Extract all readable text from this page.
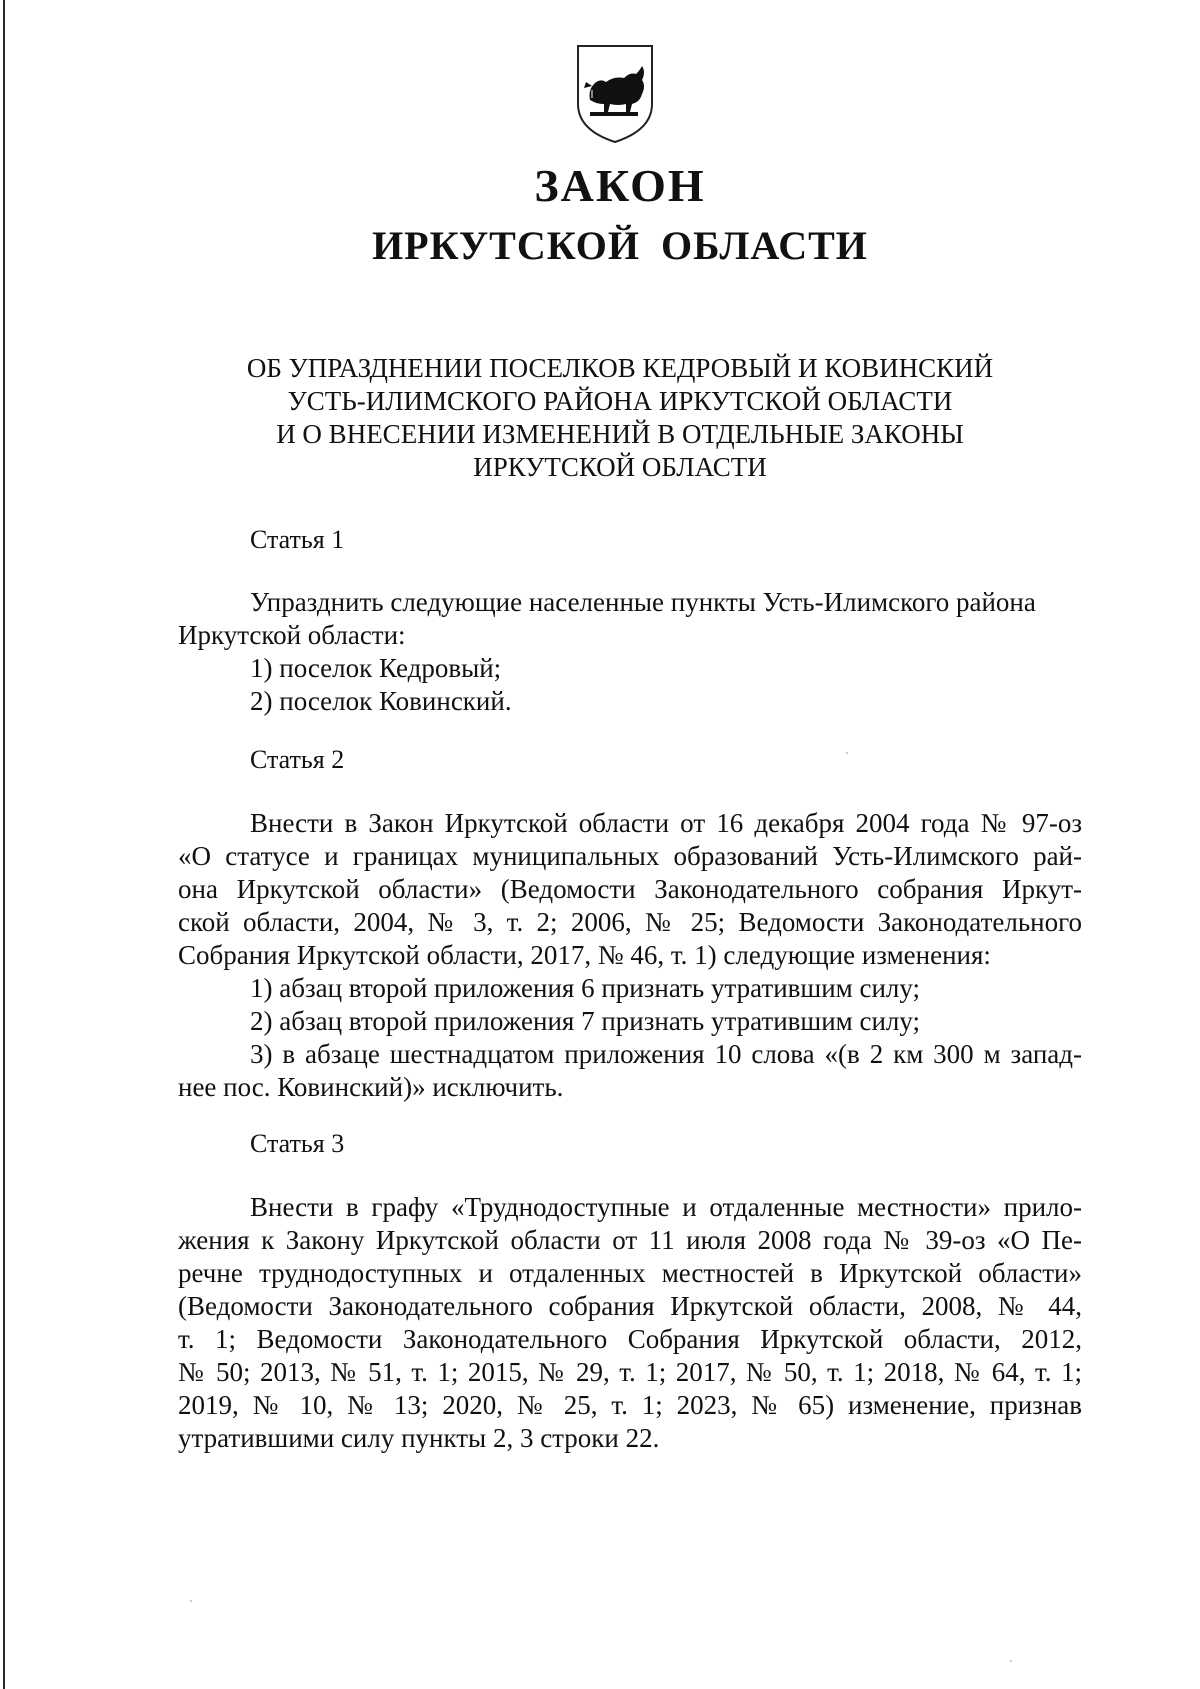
ЗАКОН
ИРКУТСКОЙ ОБЛАСТИ
ОБ УПРАЗДНЕНИИ ПОСЕЛКОВ КЕДРОВЫЙ И КОВИНСКИЙ
УСТЬ-ИЛИМСКОГО РАЙОНА ИРКУТСКОЙ ОБЛАСТИ
И О ВНЕСЕНИИ ИЗМЕНЕНИЙ В ОТДЕЛЬНЫЕ ЗАКОНЫ
ИРКУТСКОЙ ОБЛАСТИ
Статья 1
Упразднить следующие населенные пункты Усть-Илимского района
Иркутской области:
1) поселок Кедровый;
2) поселок Ковинский.
Статья 2
Внести в Закон Иркутской области от 16 декабря 2004 года № 97-оз
«О статусе и границах муниципальных образований Усть-Илимского рай-
она Иркутской области» (Ведомости Законодательного собрания Иркут-
ской области, 2004, № 3, т. 2; 2006, № 25; Ведомости Законодательного
Собрания Иркутской области, 2017, № 46, т. 1) следующие изменения:
1) абзац второй приложения 6 признать утратившим силу;
2) абзац второй приложения 7 признать утратившим силу;
3) в абзаце шестнадцатом приложения 10 слова «(в 2 км 300 м запад-
нее пос. Ковинский)» исключить.
Статья 3
Внести в графу «Труднодоступные и отдаленные местности» прило-
жения к Закону Иркутской области от 11 июля 2008 года № 39-оз «О Пе-
речне труднодоступных и отдаленных местностей в Иркутской области»
(Ведомости Законодательного собрания Иркутской области, 2008, № 44,
т. 1; Ведомости Законодательного Собрания Иркутской области, 2012,
№ 50; 2013, № 51, т. 1; 2015, № 29, т. 1; 2017, № 50, т. 1; 2018, № 64, т. 1;
2019, № 10, № 13; 2020, № 25, т. 1; 2023, № 65) изменение, признав
утратившими силу пункты 2, 3 строки 22.
